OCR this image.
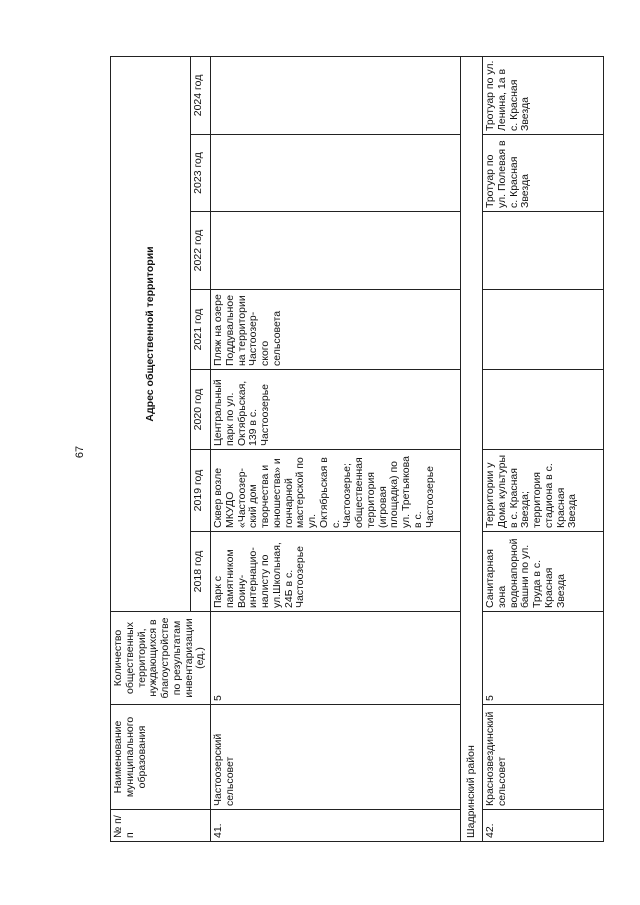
67
№ п/п	Наименование муниципального образования	Количество общественных территорий, нуждающихся в благоустройстве по результатам инвентаризации (ед.)	Адрес общественной территории						
			2018 год	2019 год	2020 год	2021 год	2022 год	2023 год	2024 год
41.	Частоозерский сельсовет	5	Парк с памятником Воину-интернацио-налисту по ул.Школьная, 24Б в с. Частоозерье	Сквер возле МКУДО «Частоозер-ский дом творчества и юношества» и гончарной мастерской по ул. Октябрьская в с. Частоозерье; общественная территория (игровая площадка) по ул. Третьякова в с. Частоозерье	Центральный парк по ул. Октябрьская, 139 в с. Частоозерье	Пляж на озере Поддувальное на территории Частоозер-ского сельсовета			
Шадринский район									
42.	Краснозвездинский сельсовет	5	Санитарная зона водонапорной башни по ул. Труда в с. Красная Звезда	Территории у Дома культуры в с. Красная Звезда; территория стадиона в с. Красная Звезда				Тротуар по ул. Полевая в с. Красная Звезда	Тротуар по ул. Ленина, 1а в с. Красная Звезда
